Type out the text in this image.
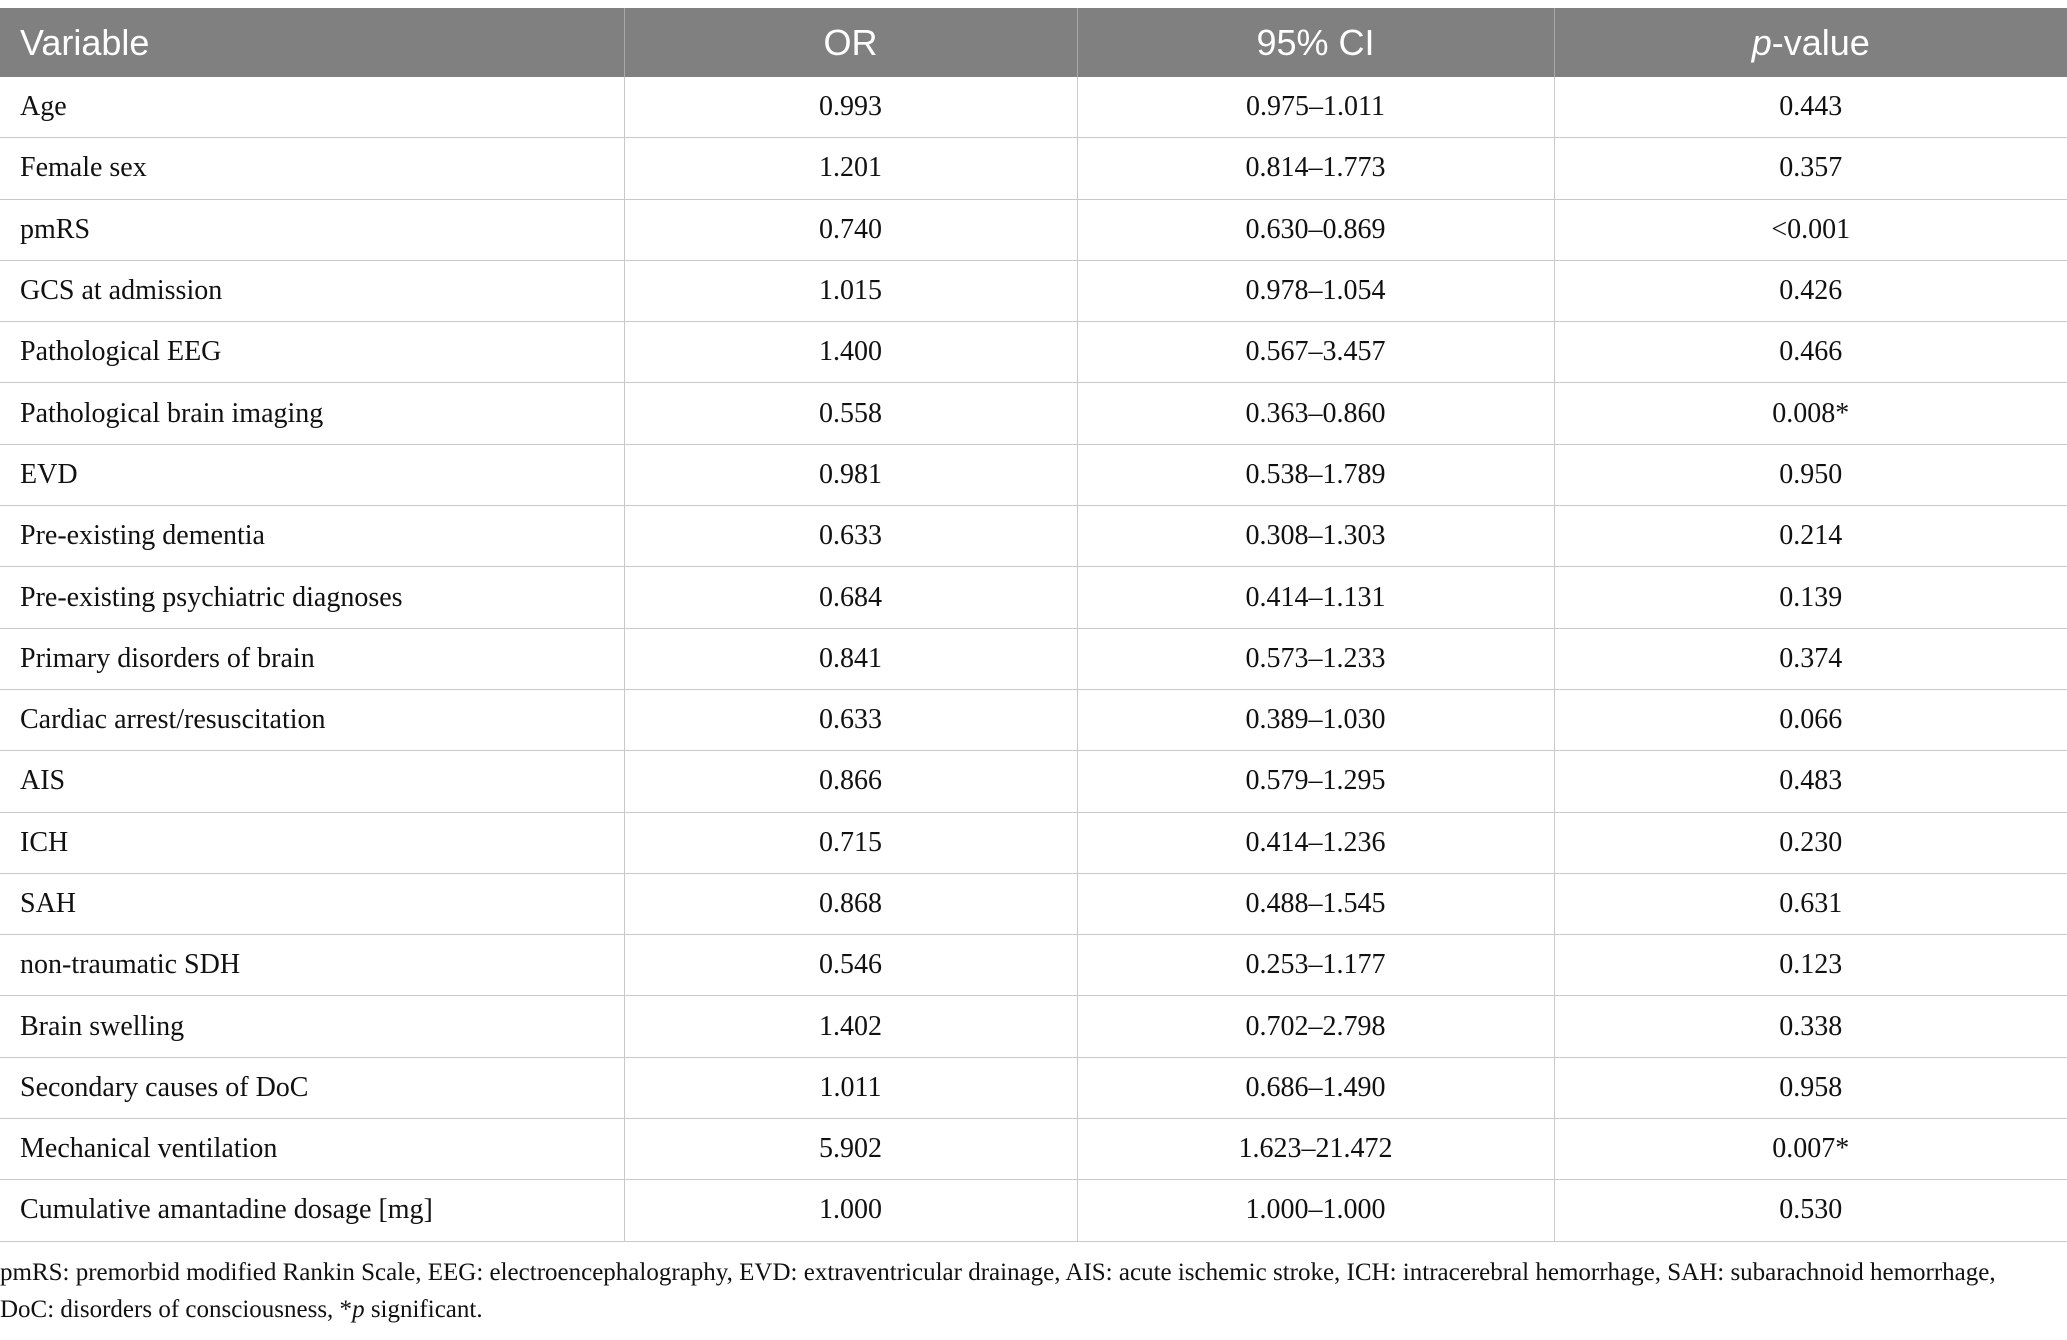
Variable	OR	95% CI	p-value
Age	0.993	0.975–1.011	0.443
Female sex	1.201	0.814–1.773	0.357
pmRS	0.740	0.630–0.869	<0.001
GCS at admission	1.015	0.978–1.054	0.426
Pathological EEG	1.400	0.567–3.457	0.466
Pathological brain imaging	0.558	0.363–0.860	0.008*
EVD	0.981	0.538–1.789	0.950
Pre-existing dementia	0.633	0.308–1.303	0.214
Pre-existing psychiatric diagnoses	0.684	0.414–1.131	0.139
Primary disorders of brain	0.841	0.573–1.233	0.374
Cardiac arrest/resuscitation	0.633	0.389–1.030	0.066
AIS	0.866	0.579–1.295	0.483
ICH	0.715	0.414–1.236	0.230
SAH	0.868	0.488–1.545	0.631
non-traumatic SDH	0.546	0.253–1.177	0.123
Brain swelling	1.402	0.702–2.798	0.338
Secondary causes of DoC	1.011	0.686–1.490	0.958
Mechanical ventilation	5.902	1.623–21.472	0.007*
Cumulative amantadine dosage [mg]	1.000	1.000–1.000	0.530
pmRS: premorbid modified Rankin Scale, EEG: electroencephalography, EVD: extraventricular drainage, AIS: acute ischemic stroke, ICH: intracerebral hemorrhage, SAH: subarachnoid hemorrhage, DoC: disorders of consciousness, *p significant.
